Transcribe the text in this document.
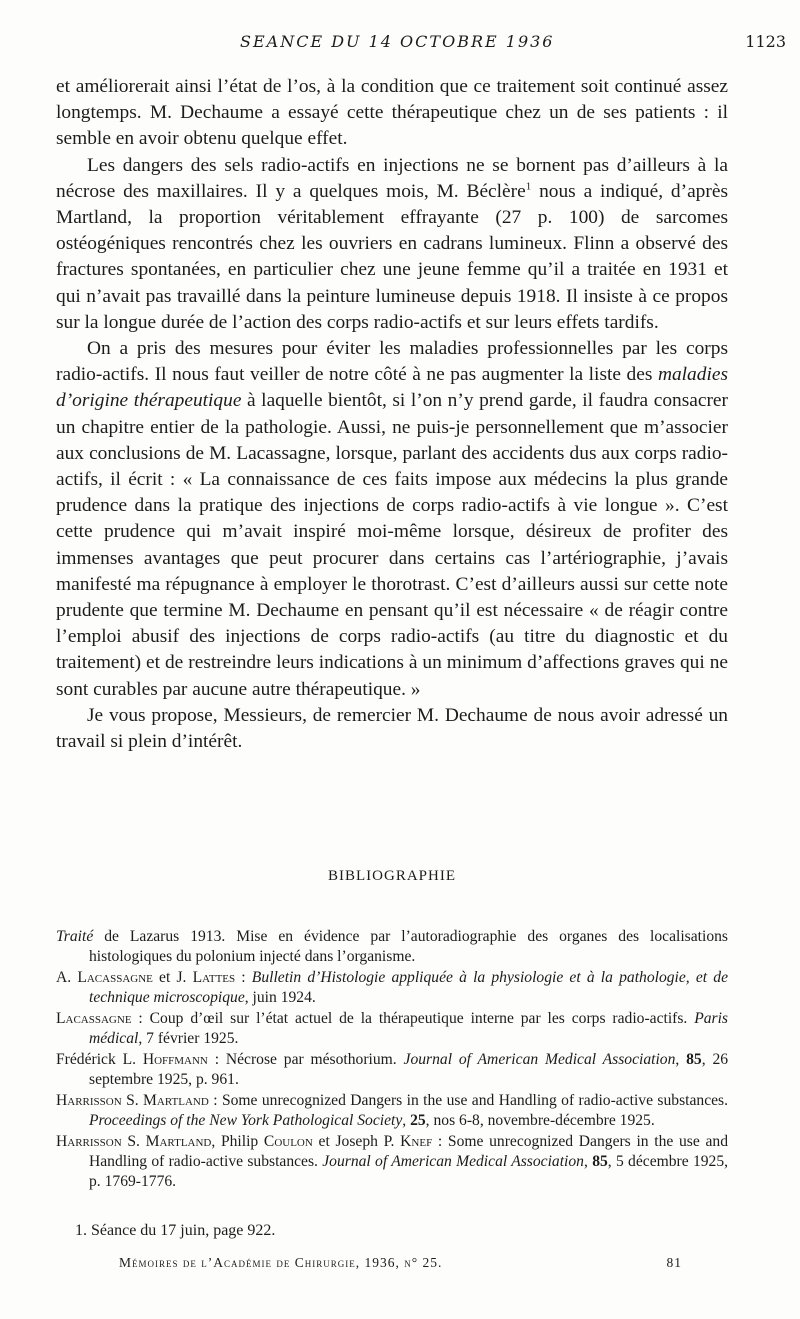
SEANCE DU 14 OCTOBRE 1936	1123

et améliorerait ainsi l’état de l’os, à la condition que ce traitement soit continué assez longtemps. M. Dechaume a essayé cette thérapeutique chez un de ses patients : il semble en avoir obtenu quelque effet.

Les dangers des sels radio-actifs en injections ne se bornent pas d’ailleurs à la nécrose des maxillaires. Il y a quelques mois, M. Béclère$^1$ nous a indiqué, d’après Martland, la proportion véritablement effrayante (27 p. 100) de sarcomes ostéogéniques rencontrés chez les ouvriers en cadrans lumineux. Flinn a observé des fractures spontanées, en particulier chez une jeune femme qu’il a traitée en 1931 et qui n’avait pas travaillé dans la peinture lumineuse depuis 1918. Il insiste à ce propos sur la longue durée de l’action des corps radio-actifs et sur leurs effets tardifs.

On a pris des mesures pour éviter les maladies professionnelles par les corps radio-actifs. Il nous faut veiller de notre côté à ne pas augmenter la liste des maladies d’origine thérapeutique à laquelle bientôt, si l’on n’y prend garde, il faudra consacrer un chapitre entier de la pathologie. Aussi, ne puis-je personnellement que m’associer aux conclusions de M. Lacassagne, lorsque, parlant des accidents dus aux corps radio-actifs, il écrit : « La connaissance de ces faits impose aux médecins la plus grande prudence dans la pratique des injections de corps radio-actifs à vie longue ». C’est cette prudence qui m’avait inspiré moi-même lorsque, désireux de profiter des immenses avantages que peut procurer dans certains cas l’artériographie, j’avais manifesté ma répugnance à employer le thorotrast. C’est d’ailleurs aussi sur cette note prudente que termine M. Dechaume en pensant qu’il est nécessaire « de réagir contre l’emploi abusif des injections de corps radio-actifs (au titre du diagnostic et du traitement) et de restreindre leurs indications à un minimum d’affections graves qui ne sont curables par aucune autre thérapeutique. »

Je vous propose, Messieurs, de remercier M. Dechaume de nous avoir adressé un travail si plein d’intérêt.

BIBLIOGRAPHIE
Traité de Lazarus 1913. Mise en évidence par l’autoradiographie des organes des localisations histologiques du polonium injecté dans l’organisme.
A. Lacassagne et J. Lattes : Bulletin d’Histologie appliquée à la physiologie et à la pathologie, et de technique microscopique, juin 1924.
Lacassagne : Coup d’œil sur l’état actuel de la thérapeutique interne par les corps radio-actifs. Paris médical, 7 février 1925.
Frédérick L. Hoffmann : Nécrose par mésothorium. Journal of American Medical Association, 85, 26 septembre 1925, p. 961.
Harrisson S. Martland : Some unrecognized Dangers in the use and Handling of radio-active substances. Proceedings of the New York Pathological Society, 25, nos 6-8, novembre-décembre 1925.
Harrisson S. Martland, Philip Coulon et Joseph P. Knef : Some unrecognized Dangers in the use and Handling of radio-active substances. Journal of American Medical Association, 85, 5 décembre 1925, p. 1769-1776.
1. Séance du 17 juin, page 922.
Mémoires de l’Académie de Chirurgie, 1936, n° 25.	81
